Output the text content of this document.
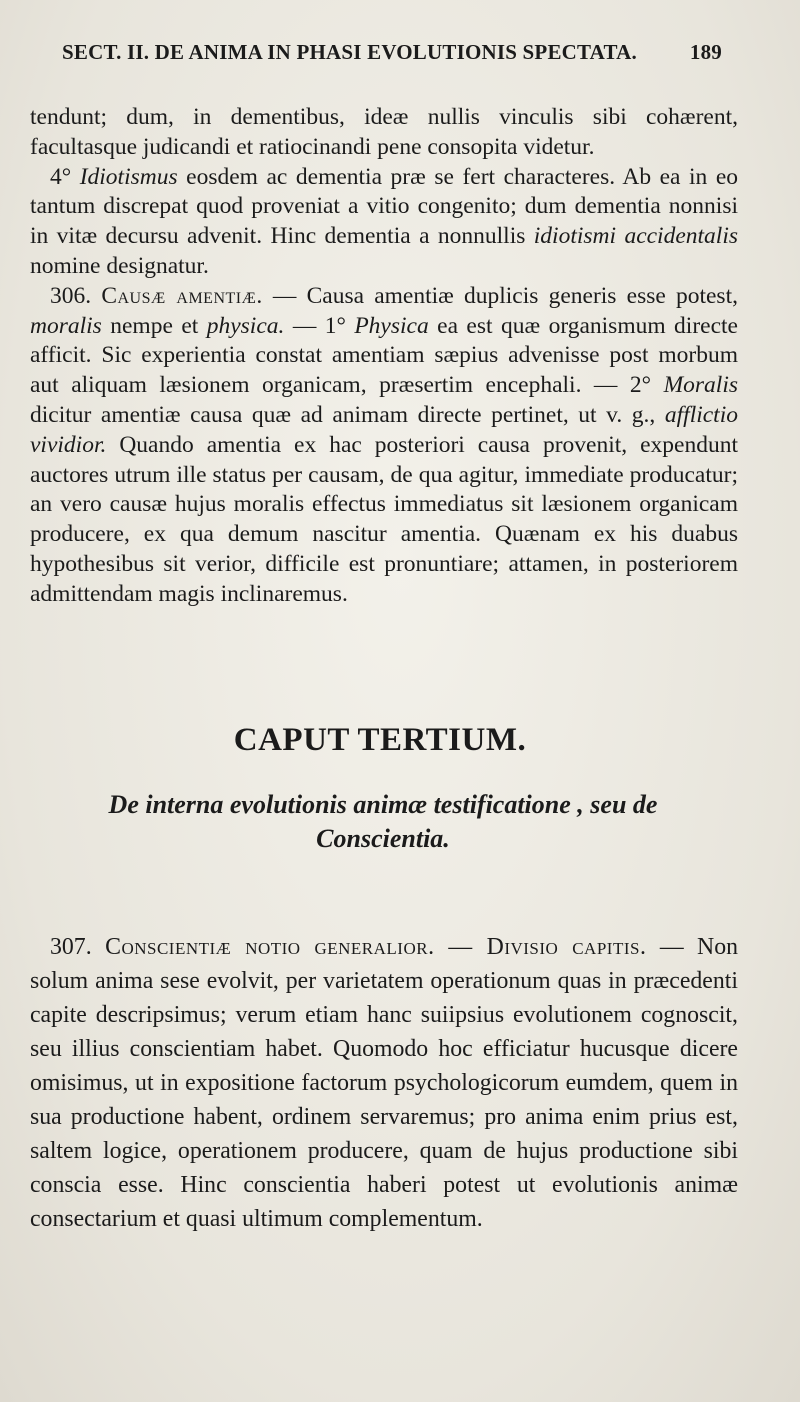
SECT. II. DE ANIMA IN PHASI EVOLUTIONIS SPECTATA.	189

tendunt; dum, in dementibus, ideæ nullis vinculis sibi cohærent, facultasque judicandi et ratiocinandi pene consopita videtur.

4° Idiotismus eosdem ac dementia præ se fert characteres. Ab ea in eo tantum discrepat quod proveniat a vitio congenito; dum dementia nonnisi in vitæ decursu advenit. Hinc dementia a nonnullis idiotismi accidentalis nomine designatur.

306. Causæ amentiæ. — Causa amentiæ duplicis generis esse potest, moralis nempe et physica. — 1° Physica ea est quæ organismum directe afficit. Sic experientia constat amentiam sæpius advenisse post morbum aut aliquam læsionem organicam, præsertim encephali. — 2° Moralis dicitur amentiæ causa quæ ad animam directe pertinet, ut v. g., afflictio vividior. Quando amentia ex hac posteriori causa provenit, expendunt auctores utrum ille status per causam, de qua agitur, immediate producatur; an vero causæ hujus moralis effectus immediatus sit læsionem organicam producere, ex qua demum nascitur amentia. Quænam ex his duabus hypothesibus sit verior, difficile est pronuntiare; attamen, in posteriorem admittendam magis inclinaremus.

CAPUT TERTIUM.
De interna evolutionis animæ testificatione , seu de
Conscientia.

307. Conscientiæ notio generalior. — Divisio capitis. — Non solum anima sese evolvit, per varietatem operationum quas in præcedenti capite descripsimus; verum etiam hanc suiipsius evolutionem cognoscit, seu illius conscientiam habet. Quomodo hoc efficiatur hucusque dicere omisimus, ut in expositione factorum psychologicorum eumdem, quem in sua productione habent, ordinem servaremus; pro anima enim prius est, saltem logice, operationem producere, quam de hujus productione sibi conscia esse. Hinc conscientia haberi potest ut evolutionis animæ consectarium et quasi ultimum complementum.
